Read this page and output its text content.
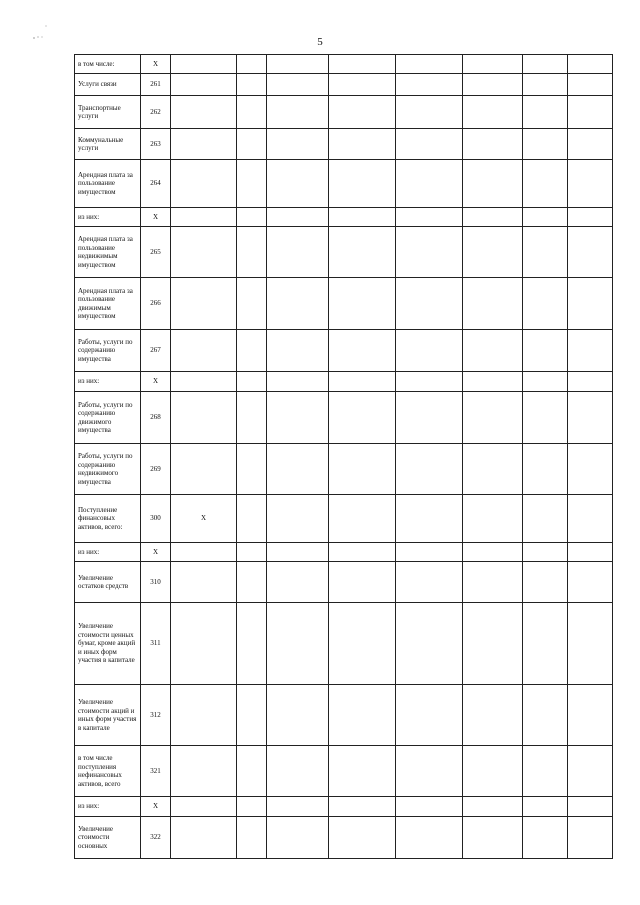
5
в том числе:	X								
Услуги связи	261								
Транспортные услуги	262								
Коммунальные услуги	263								
Арендная плата за пользование имуществом	264								
из них:	X								
Арендная плата за пользование недвижимым имуществом	265								
Арендная плата за пользование движимым имуществом	266								
Работы, услуги по содержанию имущества	267								
из них:	X								
Работы, услуги по содержанию движимого имущества	268								
Работы, услуги по содержанию недвижимого имущества	269								
Поступление финансовых активов, всего:	300	X							
из них:	X								
Увеличение остатков средств	310								
Увеличение стоимости ценных бумаг, кроме акций и иных форм участия в капитале	311								
Увеличение стоимости акций и иных форм участия в капитале	312								
в том числе поступления нефинансовых активов, всего	321								
из них:	X								
Увеличение стоимости основных	322								
